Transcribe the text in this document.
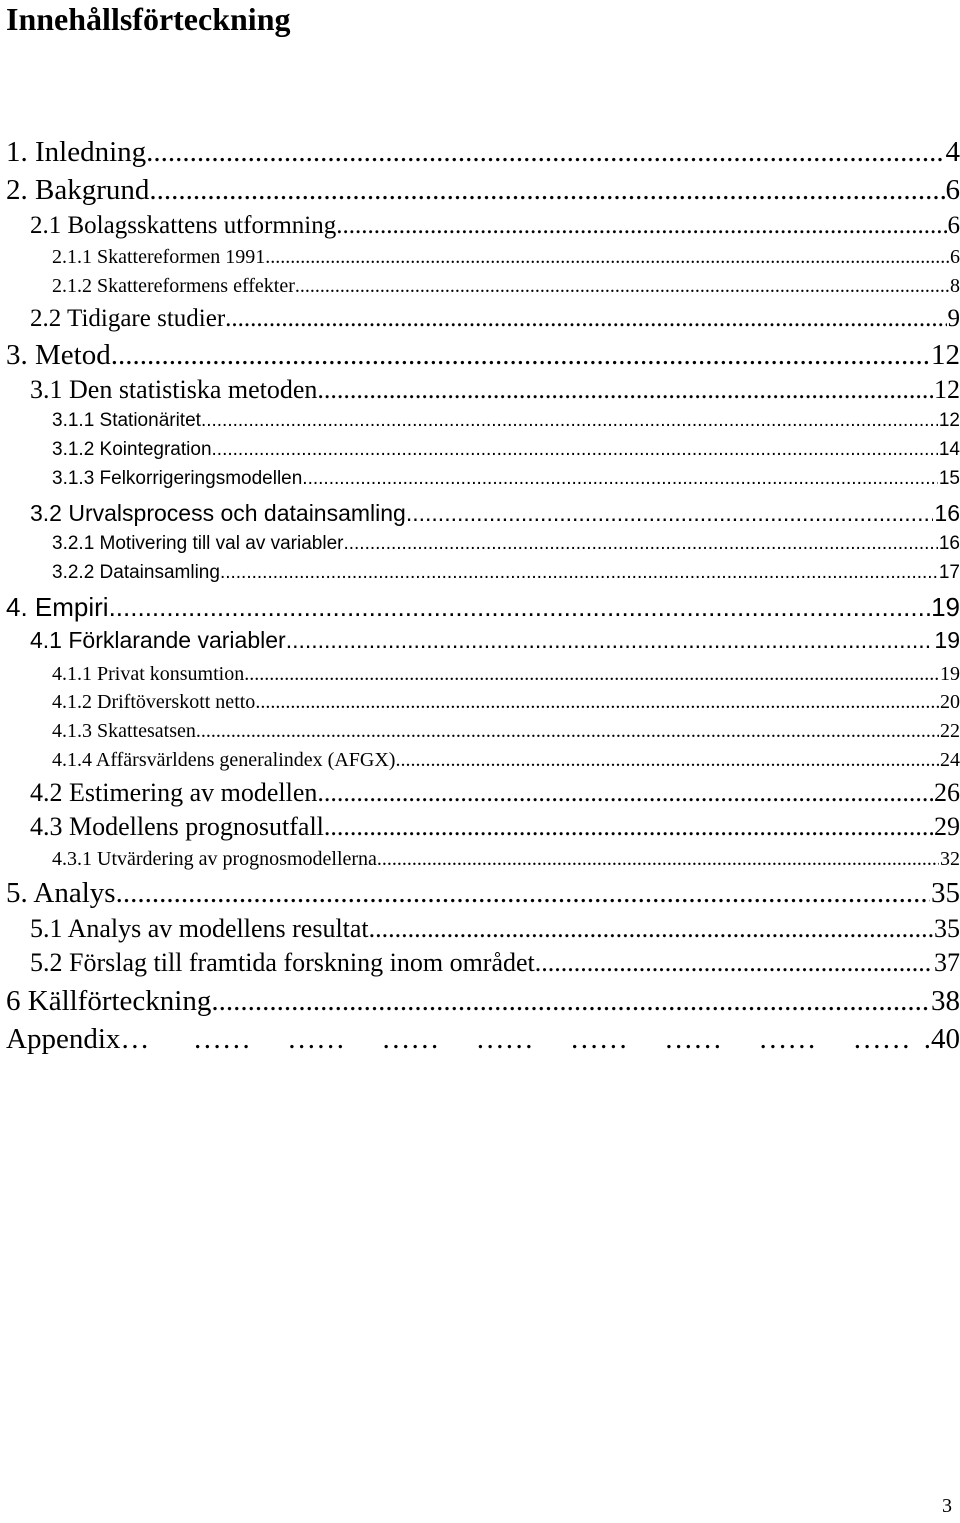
Innehållsförteckning
1. Inledning .....	4
2. Bakgrund .....	6
2.1 Bolagsskattens utformning .....	6
2.1.1 Skattereformen 1991 .....	6
2.1.2 Skattereformens effekter .....	8
2.2 Tidigare studier .....	9
3. Metod .....	12
3.1 Den statistiska metoden .....	12
3.1.1 Stationäritet .....	12
3.1.2 Kointegration .....	14
3.1.3 Felkorrigeringsmodellen .....	15
3.2 Urvalsprocess och datainsamling .....	16
3.2.1 Motivering till val av variabler .....	16
3.2.2 Datainsamling .....	17
4. Empiri .....	19
4.1 Förklarande variabler .....	19
4.1.1 Privat konsumtion .....	19
4.1.2 Driftöverskott netto .....	20
4.1.3 Skattesatsen .....	22
4.1.4 Affärsvärldens generalindex (AFGX) .....	24
4.2 Estimering av modellen .....	26
4.3 Modellens prognosutfall .....	29
4.3.1 Utvärdering av prognosmodellerna .....	32
5. Analys .....	35
5.1 Analys av modellens resultat .....	35
5.2 Förslag till framtida forskning inom området .....	37
6 Källförteckning .....	38
Appendix …      ……     ……     ……     ……     ……     ……     ……     ……     ……     ……     ……     ……     ……	.40
3
